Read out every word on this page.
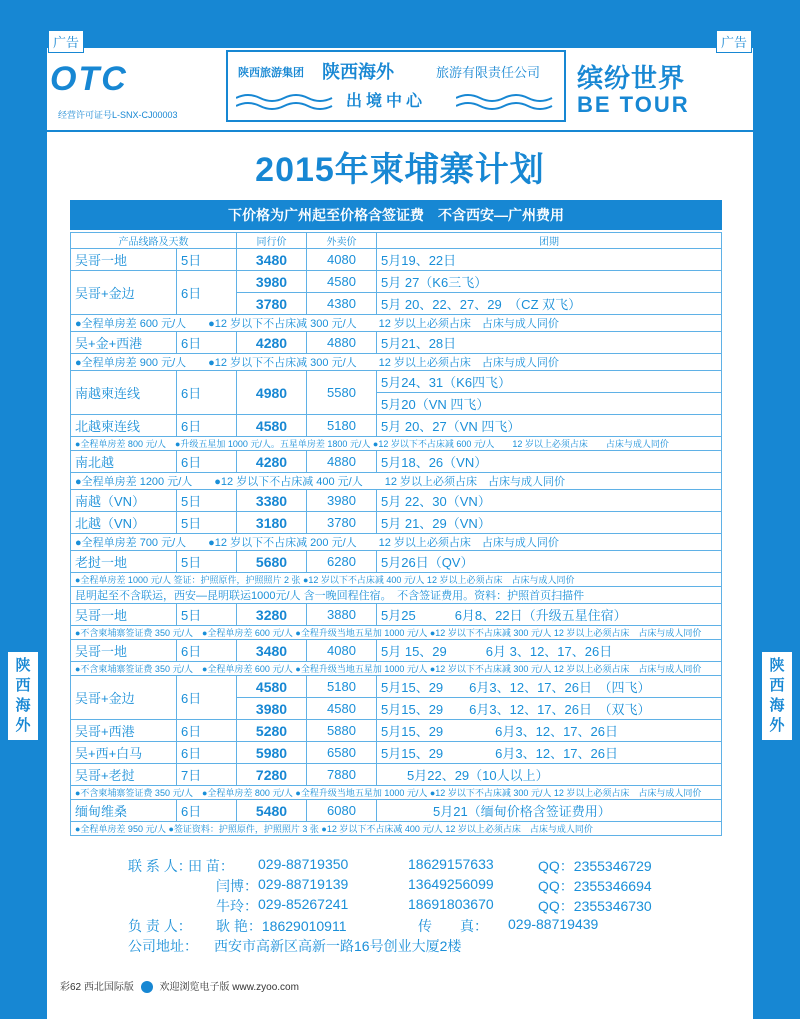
陕
西
海
外
陕
西
海
外
广告	广告
OTC
经营许可证号L-SNX-CJ00003
陕西旅游集团 陕西海外	旅游有限责任公司
出境中心
缤纷世界
BE TOUR
2015年柬埔寨计划
下价格为广州起至价格含签证费　不含西安—广州费用
产品线路及天数		同行价	外卖价	团期
吴哥一地	5日	3480	4080	5月19、22日
吴哥+金边	6日	3980	4580	5月 27（K6三飞）
		3780	4380	5月 20、22、27、29　（CZ 双飞）
●全程单房差 600 元/人　　●12 岁以下不占床减 300 元/人　　12 岁以上必须占床　占床与成人同价				
吴+金+西港	6日	4280	4880	5月21、28日
●全程单房差 900 元/人　　●12 岁以下不占床减 300 元/人　　12 岁以上必须占床　占床与成人同价				
南越柬连线	6日	4980	5580	5月24、31（K6四飞）
				5月20（VN 四飞）
北越柬连线	6日	4580	5180	5月 20、27（VN 四飞）
●全程单房差 800 元/人　●升级五星加 1000 元/人。五星单房差 1800 元/人 ●12 岁以下不占床减 600 元/人　　12 岁以上必须占床　　占床与成人同价				
南北越	6日	4280	4880	5月18、26（VN）
●全程单房差 1200 元/人　　●12 岁以下不占床减 400 元/人　　12 岁以上必须占床　占床与成人同价				
南越（VN）	5日	3380	3980	5月 22、30（VN）
北越（VN）	5日	3180	3780	5月 21、29（VN）
●全程单房差 700 元/人　　●12 岁以下不占床减 200 元/人　　12 岁以上必须占床　占床与成人同价				
老挝一地	5日	5680	6280	5月26日（QV）
●全程单房差 1000 元/人 签证：护照原件，护照照片 2 张 ●12 岁以下不占床减 400 元/人 12 岁以上必须占床　占床与成人同价				
昆明起至不含联运，西安—昆明联运1000元/人 含一晚回程住宿。　不含签证费用。资料：护照首页扫描件				
吴哥一地	5日	3280	3880	5月25　　　6月8、22日（升级五星住宿）
●不含柬埔寨签证费 350 元/人　●全程单房差 600 元/人 ●全程升级当地五星加 1000 元/人 ●12 岁以下不占床减 300 元/人 12 岁以上必须占床　占床与成人同价				
吴哥一地	6日	3480	4080	5月 15、29　　　6月 3、12、17、26日
●不含柬埔寨签证费 350 元/人　●全程单房差 600 元/人 ●全程升级当地五星加 1000 元/人 ●12 岁以下不占床减 300 元/人 12 岁以上必须占床　占床与成人同价				
吴哥+金边	6日	4580	5180	5月15、29　　6月3、12、17、26日　（四飞）
		3980	4580	5月15、29　　6月3、12、17、26日　（双飞）
吴哥+西港	6日	5280	5880	5月15、29　　　　6月3、12、17、26日
吴+西+白马	6日	5980	6580	5月15、29　　　　6月3、12、17、26日
吴哥+老挝	7日	7280	7880	　　5月22、29（10人以上）
●不含柬埔寨签证费 350 元/人　●全程单房差 800 元/人 ●全程升级当地五星加 1000 元/人 ●12 岁以下不占床减 300 元/人 12 岁以上必须占床　占床与成人同价				
缅甸维桑	6日	5480	6080	　　　　5月21（缅甸价格含签证费用）
●全程单房差 950 元/人 ●签证资料：护照原件，护照照片 3 张 ●12 岁以下不占床减 400 元/人 12 岁以上必须占床　占床与成人同价				
联 系 人：
田 苗： 029-88719350	18629157633	QQ：2355346729
闫博： 029-88719139	13649256099	QQ：2355346694
牛玲： 029-85267241	18691803670	QQ：2355346730
负 责 人： 耿 艳：18629010911	传　　真： 029-88719439
公司地址： 西安市高新区高新一路16号创业大厦2楼
彩62 西北国际版	欢迎浏览电子版 www.zyoo.com
